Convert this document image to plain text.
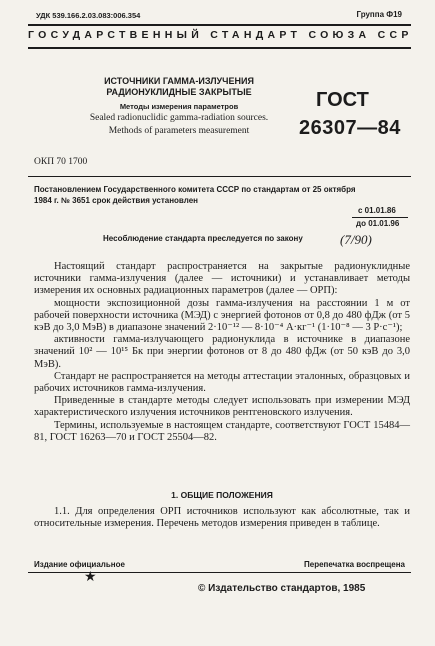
УДК 539.166.2.03.083:006.354	Группа Ф19
ГОСУДАРСТВЕННЫЙ СТАНДАРТ СОЮЗА ССР
ИСТОЧНИКИ ГАММА-ИЗЛУЧЕНИЯ
РАДИОНУКЛИДНЫЕ ЗАКРЫТЫЕ
Методы измерения параметров
Sealed radionuclidic gamma-radiation sources.
Methods of parameters measurement
ГОСТ
26307—84
ОКП 70 1700
Постановлением Государственного комитета СССР по стандартам от 25 октября
1984 г. № 3651 срок действия установлен
с 01.01.86
до 01.01.96
Несоблюдение стандарта преследуется по закону	(7/90)

Настоящий стандарт распространяется на закрытые радионуклидные источники гамма-излучения (далее — источники) и устанавливает методы измерения их основных радиационных параметров (далее — ОРП):

мощности экспозиционной дозы гамма-излучения на расстоянии 1 м от рабочей поверхности источника (МЭД) с энергией фотонов от 0,8 до 480 фДж (от 5 кэВ до 3,0 МэВ) в диапазоне значений 2·10⁻¹² — 8·10⁻⁴ А·кг⁻¹ (1·10⁻⁸ — 3 Р·с⁻¹);

активности гамма-излучающего радионуклида в источнике в диапазоне значений 10² — 10¹⁵ Бк при энергии фотонов от 8 до 480 фДж (от 50 кэВ до 3,0 МэВ).

Стандарт не распространяется на методы аттестации эталонных, образцовых и рабочих источников гамма-излучения.

Приведенные в стандарте методы следует использовать при измерении МЭД характеристического излучения источников рентгеновского излучения.

Термины, используемые в настоящем стандарте, соответствуют ГОСТ 15484—81, ГОСТ 16263—70 и ГОСТ 25504—82.

1. ОБЩИЕ ПОЛОЖЕНИЯ

1.1. Для определения ОРП источников используют как абсолютные, так и относительные измерения. Перечень методов измерения приведен в таблице.

Издание официальное	Перепечатка воспрещена
★
© Издательство стандартов, 1985
